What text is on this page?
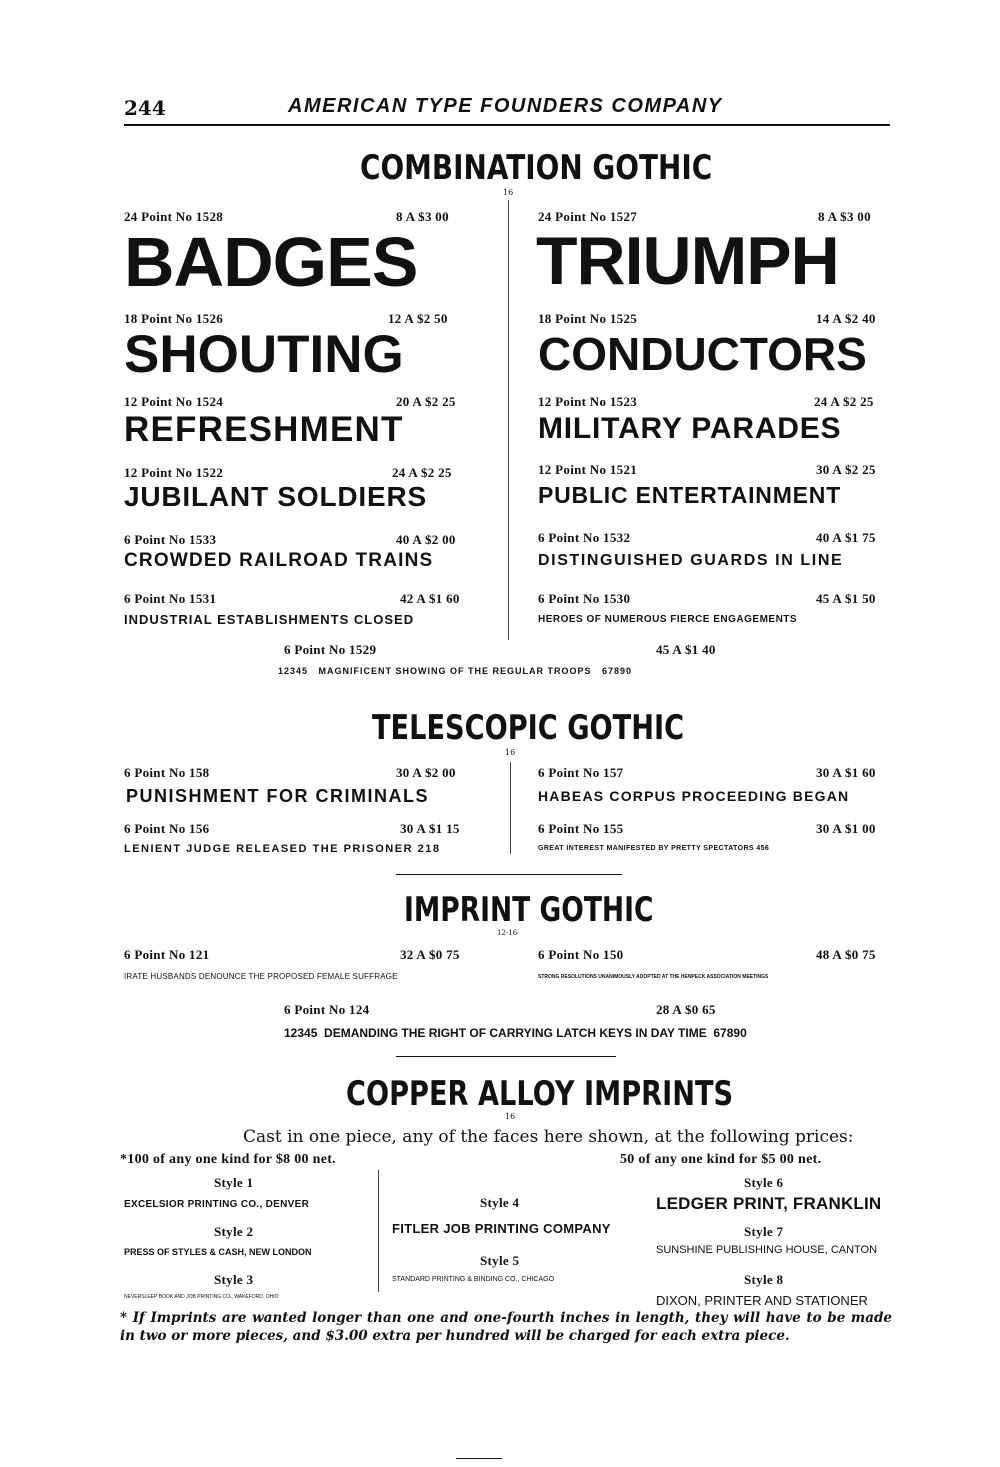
244	AMERICAN TYPE FOUNDERS COMPANY
COMBINATION GOTHIC
16
24 Point No 1528	8 A $3 00
BADGES
18 Point No 1526	12 A $2 50
SHOUTING
12 Point No 1524	20 A $2 25
REFRESHMENT
12 Point No 1522	24 A $2 25
JUBILANT SOLDIERS
6 Point No 1533	40 A $2 00
CROWDED RAILROAD TRAINS
6 Point No 1531	42 A $1 60
INDUSTRIAL ESTABLISHMENTS CLOSED
24 Point No 1527	8 A $3 00
TRIUMPH
18 Point No 1525	14 A $2 40
CONDUCTORS
12 Point No 1523	24 A $2 25
MILITARY PARADES
12 Point No 1521	30 A $2 25
PUBLIC ENTERTAINMENT
6 Point No 1532	40 A $1 75
DISTINGUISHED GUARDS IN LINE
6 Point No 1530	45 A $1 50
HEROES OF NUMEROUS FIERCE ENGAGEMENTS
6 Point No 1529	45 A $1 40
12345   MAGNIFICENT SHOWING OF THE REGULAR TROOPS   67890
TELESCOPIC GOTHIC
16
6 Point No 158	30 A $2 00
PUNISHMENT FOR CRIMINALS
6 Point No 156	30 A $1 15
LENIENT JUDGE RELEASED THE PRISONER 218
6 Point No 157	30 A $1 60
HABEAS CORPUS PROCEEDING BEGAN
6 Point No 155	30 A $1 00
GREAT INTEREST MANIFESTED BY PRETTY SPECTATORS 456
IMPRINT GOTHIC
12-16
6 Point No 121	32 A $0 75
IRATE HUSBANDS DENOUNCE THE PROPOSED FEMALE SUFFRAGE
6 Point No 150	48 A $0 75
STRONG RESOLUTIONS UNANIMOUSLY ADOPTED AT THE HENPECK ASSOCIATION MEETINGS
6 Point No 124	28 A $0 65
12345  DEMANDING THE RIGHT OF CARRYING LATCH KEYS IN DAY TIME  67890
COPPER ALLOY IMPRINTS
16
Cast in one piece, any of the faces here shown, at the following prices:
*100 of any one kind for $8 00 net.	50 of any one kind for $5 00 net.
Style 1
EXCELSIOR PRINTING CO., DENVER
Style 2
PRESS OF STYLES & CASH, NEW LONDON
Style 3
NEVERSLEEP BOOK AND JOB PRINTING CO., WAKEFORD, OHIO
Style 4
FITLER JOB PRINTING COMPANY
Style 5
STANDARD PRINTING & BINDING CO., CHICAGO
Style 6
LEDGER PRINT, FRANKLIN
Style 7
SUNSHINE PUBLISHING HOUSE, CANTON
Style 8
DIXON, PRINTER AND STATIONER
* If Imprints are wanted longer than one and one-fourth inches in length, they will have to be made in two or more pieces, and $3.00 extra per hundred will be charged for each extra piece.
